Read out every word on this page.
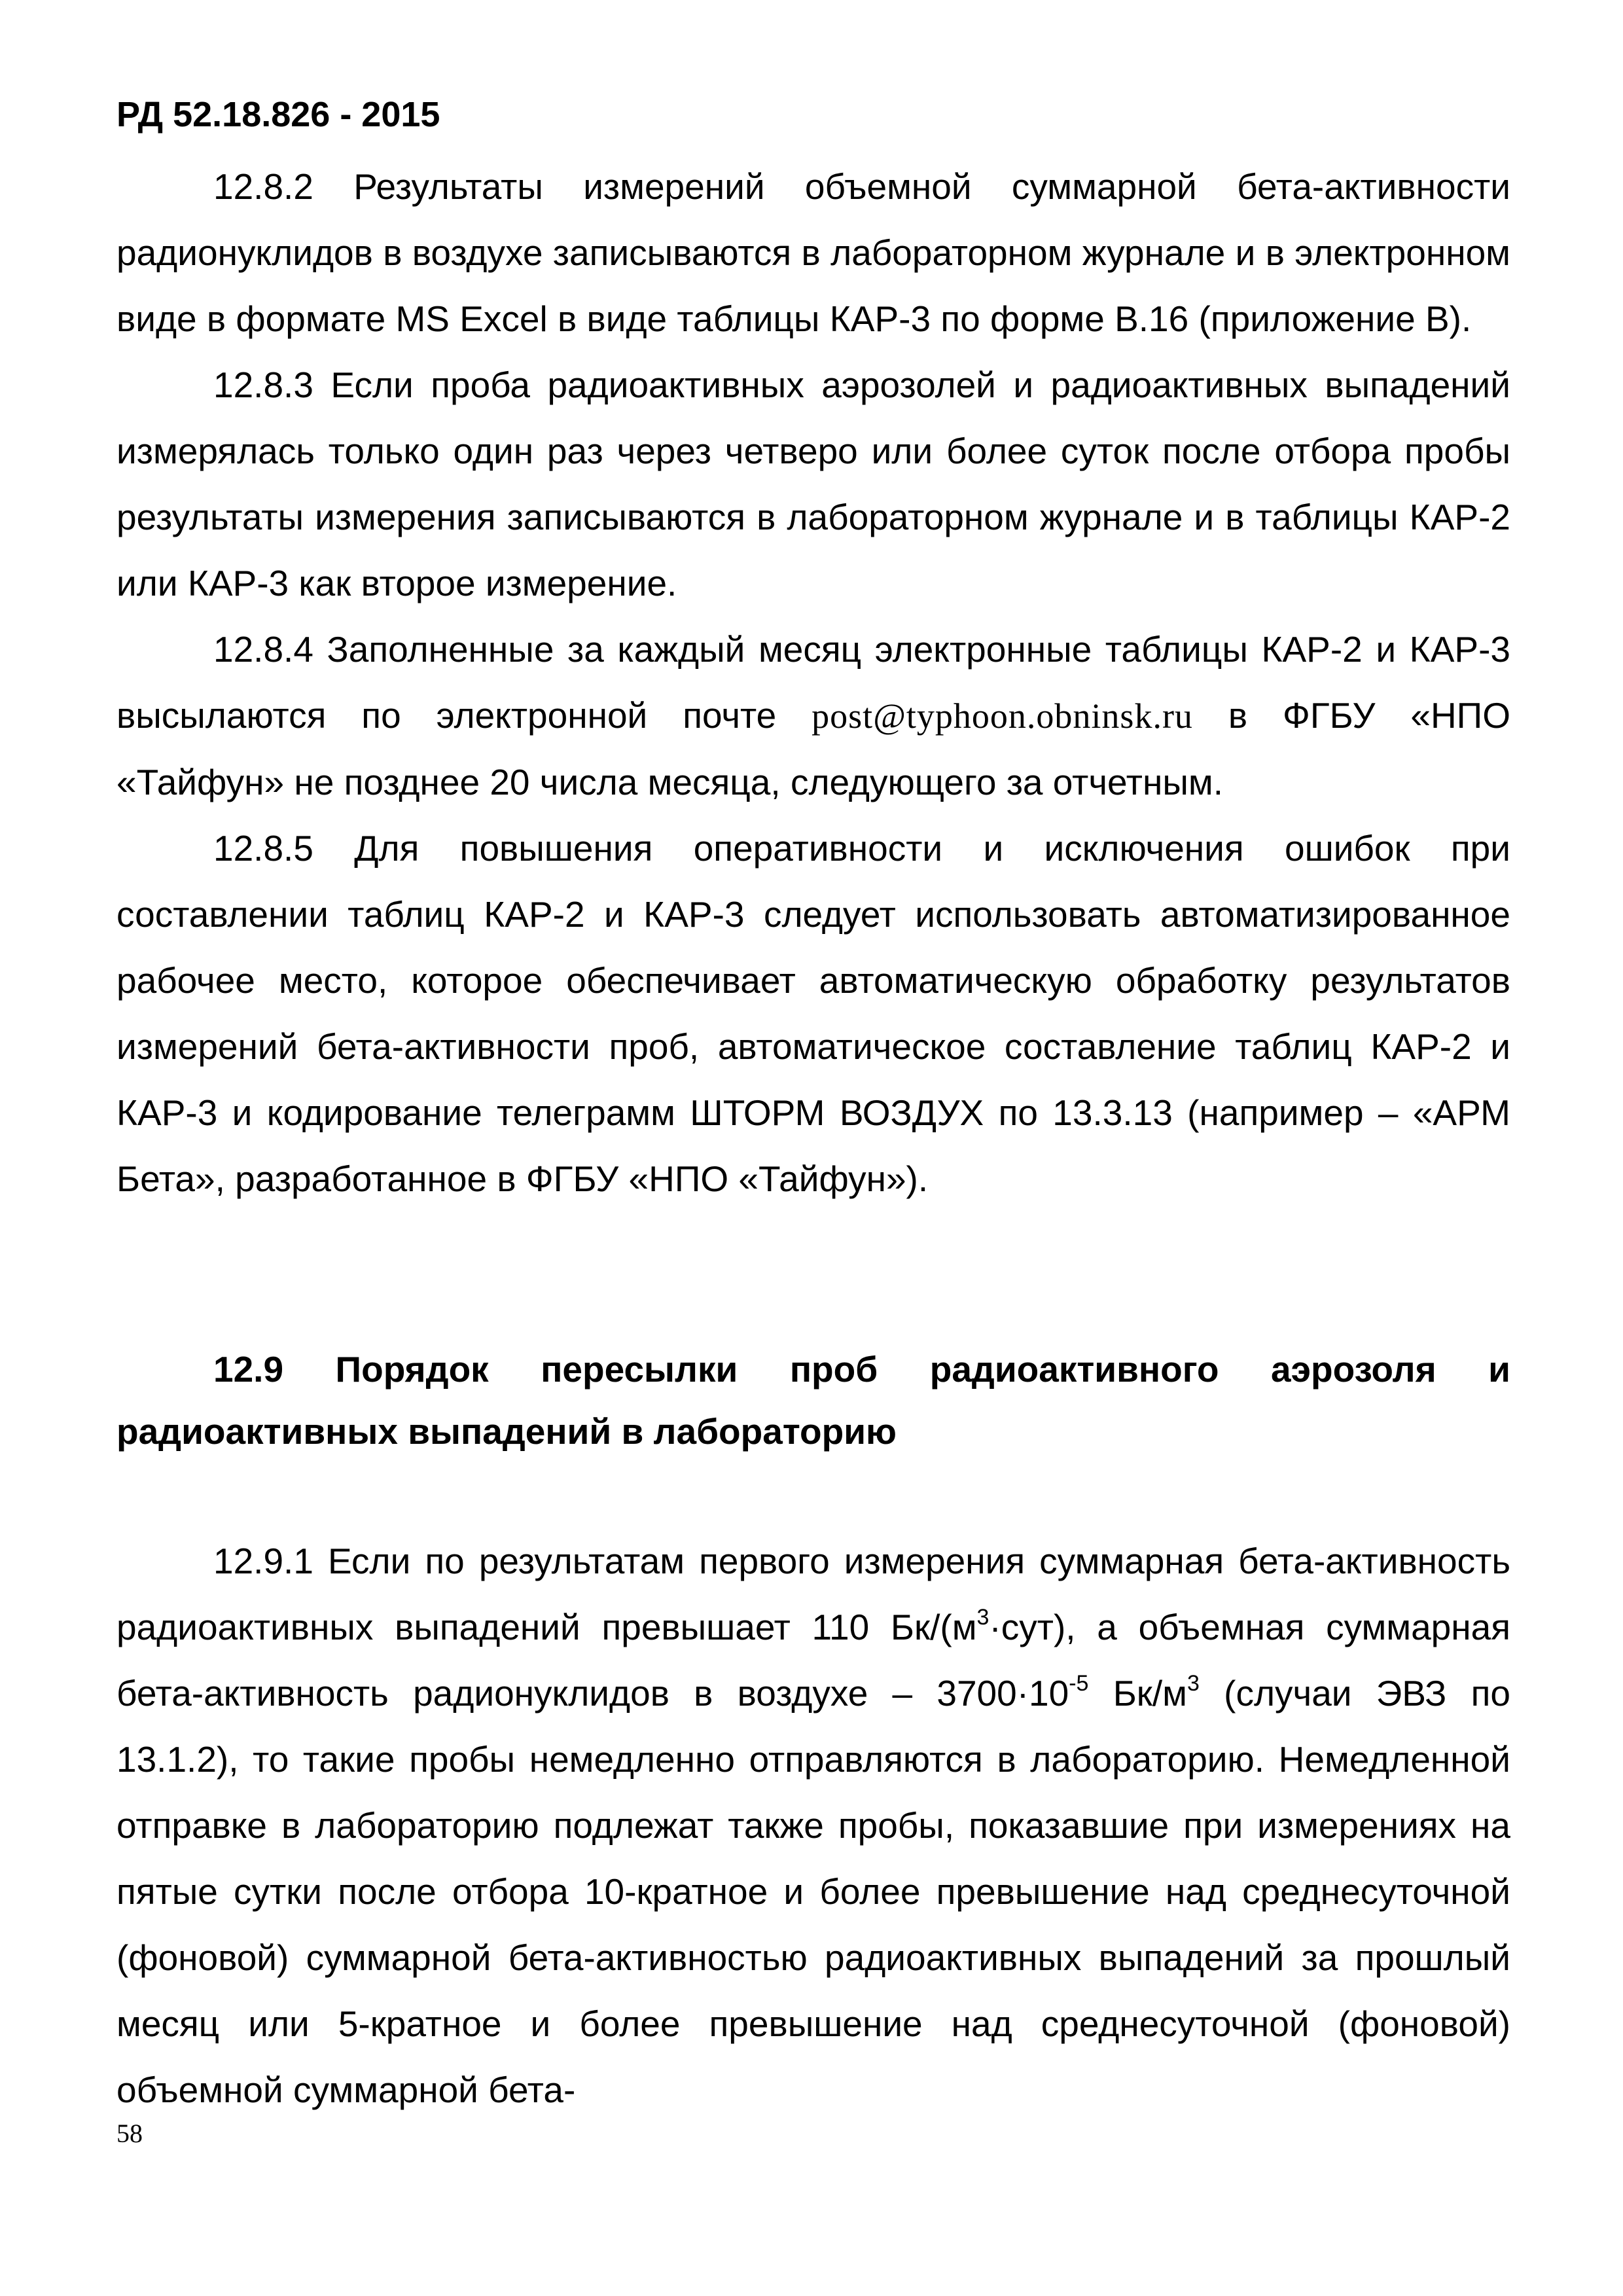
РД 52.18.826 - 2015

12.8.2 Результаты измерений объемной суммарной бета-активности радионуклидов в воздухе записываются в лабораторном журнале и в электронном виде в формате MS Excel в виде таблицы КАР-3 по форме В.16 (приложение В).

12.8.3 Если проба радиоактивных аэрозолей и радиоактивных выпадений измерялась только один раз через четверо или более суток после отбора пробы результаты измерения записываются в лабораторном журнале и в таблицы КАР-2 или КАР-3 как второе измерение.

12.8.4 Заполненные за каждый месяц электронные таблицы КАР-2 и КАР-3 высылаются по электронной почте post@typhoon.obninsk.ru в ФГБУ «НПО «Тайфун» не позднее 20 числа месяца, следующего за отчетным.

12.8.5 Для повышения оперативности и исключения ошибок при составлении таблиц КАР-2 и КАР-3 следует использовать автоматизированное рабочее место, которое обеспечивает автоматическую обработку результатов измерений бета-активности проб, автоматическое составление таблиц КАР-2 и КАР-3 и кодирование телеграмм ШТОРМ ВОЗДУХ по 13.3.13 (например – «АРМ Бета», разработанное в ФГБУ «НПО «Тайфун»).

12.9 Порядок пересылки проб радиоактивного аэрозоля и радиоактивных выпадений в лабораторию

12.9.1 Если по результатам первого измерения суммарная бета-активность радиоактивных выпадений превышает 110 $Бк/(м^3\cdot сут)$, а объемная суммарная бета-активность радионуклидов в воздухе – $3700\cdot 10^{-5}$ $Бк/м^3$ (случаи ЭВЗ по 13.1.2), то такие пробы немедленно отправляются в лабораторию. Немедленной отправке в лабораторию подлежат также пробы, показавшие при измерениях на пятые сутки после отбора 10-кратное и более превышение над среднесуточной (фоновой) суммарной бета-активностью радиоактивных выпадений за прошлый месяц или 5-кратное и более превышение над среднесуточной (фоновой) объемной суммарной бета-

58
